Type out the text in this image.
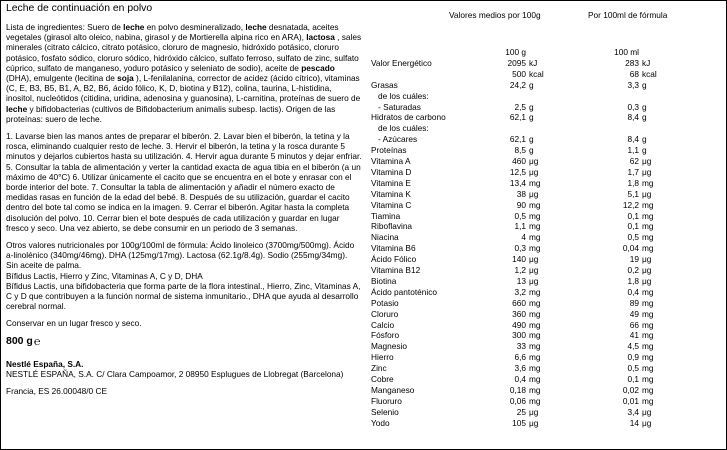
Leche de continuación en polvo
Lista de ingredientes: Suero de leche en polvo desmineralizado, leche desnatada, aceites vegetales (girasol alto oleico, nabina, girasol y de Mortierella alpina rico en ARA), lactosa , sales minerales (citrato cálcico, citrato potásico, cloruro de magnesio, hidróxido potásico, cloruro potásico, fosfato sódico, cloruro sódico, hidróxido cálcico, sulfato ferroso, sulfato de zinc, sulfato cúprico, sulfato de manganeso, yoduro potásico y seleniato de sodio), aceite de pescado (DHA), emulgente (lecitina de soja ), L-fenilalanina, corrector de acidez (ácido cítrico), vitaminas (C, E, B3, B5, B1, A, B2, B6, ácido fólico, K, D, biotina y B12), colina, taurina, L-histidina, inositol, nucleótidos (citidina, uridina, adenosina y guanosina), L-carnitina, proteínas de suero de leche y bifidobacterias (cultivos de Bifidobacterium animalis subesp. lactis). Origen de las proteínas: suero de leche.
1. Lavarse bien las manos antes de preparar el biberón. 2. Lavar bien el biberón, la tetina y la rosca, eliminando cualquier resto de leche. 3. Hervir el biberón, la tetina y la rosca durante 5 minutos y dejarlos cubiertos hasta su utilización. 4. Hervir agua durante 5 minutos y dejar enfriar. 5. Consultar la tabla de alimentación y verter la cantidad exacta de agua tibia en el biberón (a un máximo de 40°C) 6. Utilizar únicamente el cacito que se encuentra en el bote y enrasar con el borde interior del bote. 7. Consultar la tabla de alimentación y añadir el número exacto de medidas rasas en función de la edad del bebé. 8. Después de su utilización, guardar el cacito dentro del bote tal como se indica en la imagen. 9. Cerrar el biberón. Agitar hasta la completa disolución del polvo. 10. Cerrar bien el bote después de cada utilización y guardar en lugar fresco y seco. Una vez abierto, se debe consumir en un periodo de 3 semanas.
Otros valores nutricionales por 100g/100ml de fórmula: Ácido linoleico (3700mg/500mg). Ácido a-linolénico (340mg/46mg). DHA (125mg/17mg). Lactosa (62.1g/8.4g). Sodio (255mg/34mg).
Sin aceite de palma.
Bífidus Lactis, Hierro y Zinc, Vitaminas A, C y D, DHA
Bífidus Lactis, una bifidobacteria que forma parte de la flora intestinal., Hierro, Zinc, Vitaminas A, C y D que contribuyen a la función normal de sistema inmunitario., DHA que ayuda al desarrollo cerebral normal.
Conservar en un lugar fresco y seco.
800 g℮
Nestlé España, S.A.
NESTLÉ ESPAÑA, S.A. C/ Clara Campoamor, 2 08950 Esplugues de Llobregat (Barcelona)
Francia, ES 26.00048/0 CE
Valores medios por 100g	Por 100ml de fórmula
100 g	100 ml
Valor Energético	2095 kJ	283 kJ
500 kcal	68 kcal
Grasas	24,2 g	3,3 g
de los cuáles:
- Saturadas	2,5 g	0,3 g
Hidratos de carbono	62,1 g	8,4 g
de los cuáles:
- Azúcares	62,1 g	8,4 g
Proteínas	8,5 g	1,1 g
Vitamina A	460 μg	62 μg
Vitamina D	12,5 μg	1,7 μg
Vitamina E	13,4 mg	1,8 mg
Vitamina K	38 μg	5,1 μg
Vitamina C	90 mg	12,2 mg
Tiamina	0,5 mg	0,1 mg
Riboflavina	1,1 mg	0,1 mg
Niacina	4 mg	0,5 mg
Vitamina B6	0,3 mg	0,04 mg
Ácido Fólico	140 μg	19 μg
Vitamina B12	1,2 μg	0,2 μg
Biotina	13 μg	1,8 μg
Ácido pantoténico	3,2 mg	0,4 mg
Potasio	660 mg	89 mg
Cloruro	360 mg	49 mg
Calcio	490 mg	66 mg
Fósforo	300 mg	41 mg
Magnesio	33 mg	4,5 mg
Hierro	6,6 mg	0,9 mg
Zinc	3,6 mg	0,5 mg
Cobre	0,4 mg	0,1 mg
Manganeso	0,18 mg	0,02 mg
Fluoruro	0,06 mg	0,01 mg
Selenio	25 μg	3,4 μg
Yodo	105 μg	14 μg
